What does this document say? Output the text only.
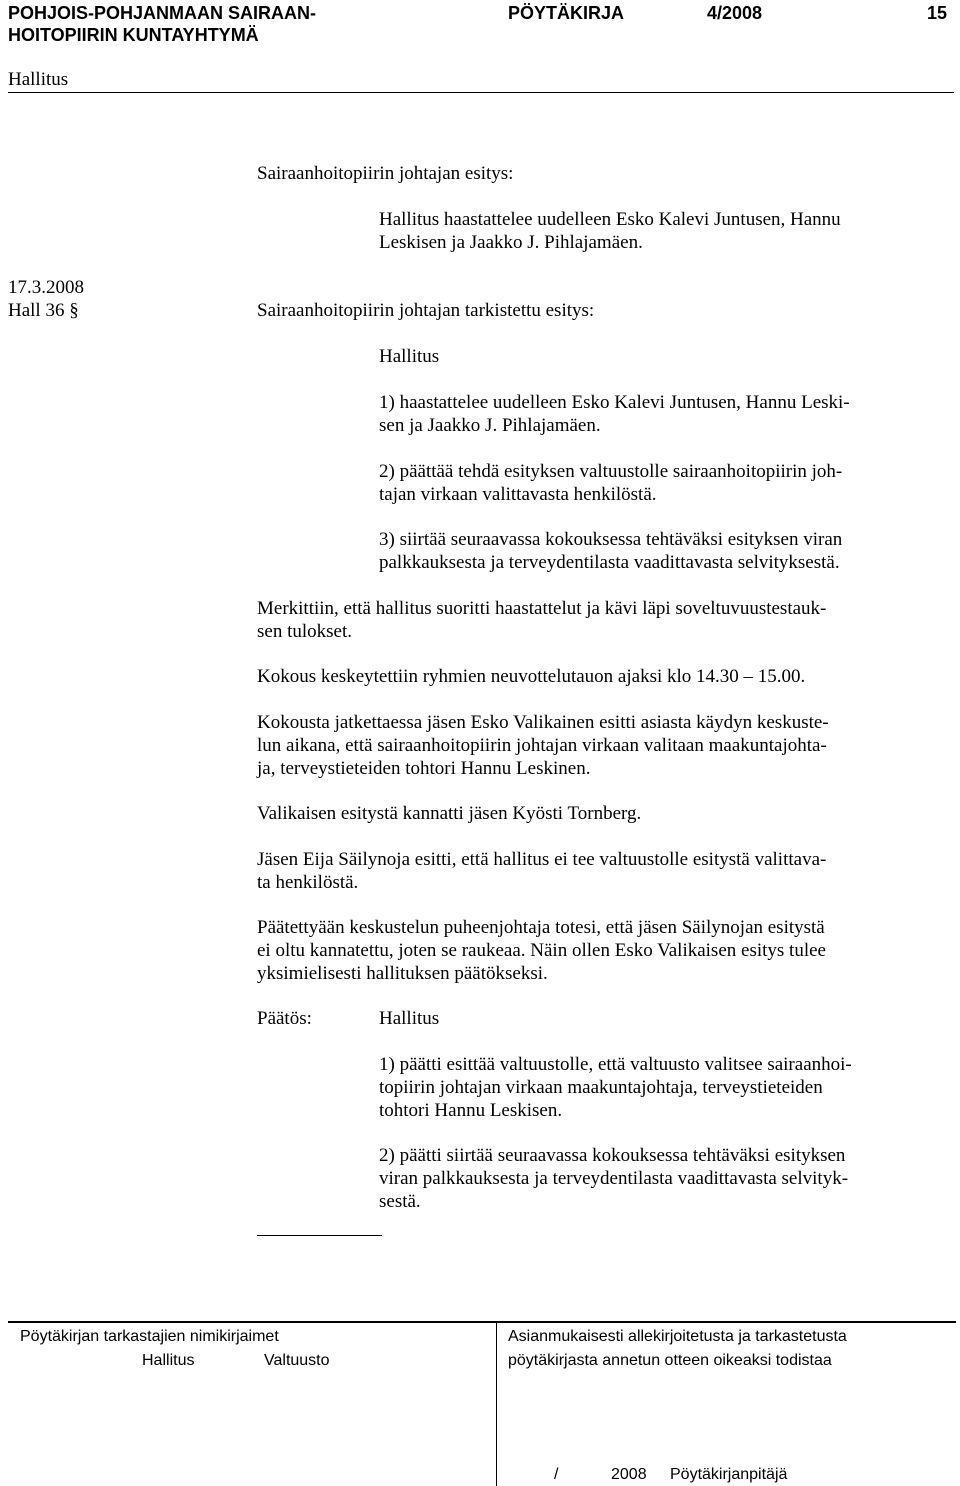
POHJOIS-POHJANMAAN SAIRAAN-
HOITOPIIRIN KUNTAYHTYMÄ
PÖYTÄKIRJA	4/2008	15
Hallitus
Sairaanhoitopiirin johtajan esitys:
Hallitus haastattelee uudelleen Esko Kalevi Juntusen, Hannu
Leskisen ja Jaakko J. Pihlajamäen.
17.3.2008
Hall 36 §	Sairaanhoitopiirin johtajan tarkistettu esitys:
Hallitus
1) haastattelee uudelleen Esko Kalevi Juntusen, Hannu Leski-
sen ja Jaakko J. Pihlajamäen.
2) päättää tehdä esityksen valtuustolle sairaanhoitopiirin joh-
tajan virkaan valittavasta henkilöstä.
3) siirtää seuraavassa kokouksessa tehtäväksi esityksen viran
palkkauksesta ja terveydentilasta vaadittavasta selvityksestä.
Merkittiin, että hallitus suoritti haastattelut ja kävi läpi soveltuvuustestauk-
sen tulokset.
Kokous keskeytettiin ryhmien neuvottelutauon ajaksi klo 14.30 – 15.00.
Kokousta jatkettaessa jäsen Esko Valikainen esitti asiasta käydyn keskuste-
lun aikana, että sairaanhoitopiirin johtajan virkaan valitaan maakuntajohta-
ja, terveystieteiden tohtori Hannu Leskinen.
Valikaisen esitystä kannatti jäsen Kyösti Tornberg.
Jäsen Eija Säilynoja esitti, että hallitus ei tee valtuustolle esitystä valittava-
ta henkilöstä.
Päätettyään keskustelun puheenjohtaja totesi, että jäsen Säilynojan esitystä
ei oltu kannatettu, joten se raukeaa. Näin ollen Esko Valikaisen esitys tulee
yksimielisesti hallituksen päätökseksi.
Päätös:	Hallitus
1) päätti esittää valtuustolle, että valtuusto valitsee sairaanhoi-
topiirin johtajan virkaan maakuntajohtaja, terveystieteiden
tohtori Hannu Leskisen.
2) päätti siirtää seuraavassa kokouksessa tehtäväksi esityksen
viran palkkauksesta ja terveydentilasta vaadittavasta selvityk-
sestä.
Pöytäkirjan tarkastajien nimikirjaimet
Hallitus	Valtuusto
Asianmukaisesti allekirjoitetusta ja tarkastetusta
pöytäkirjasta annetun otteen oikeaksi todistaa
/	2008 Pöytäkirjanpitäjä
